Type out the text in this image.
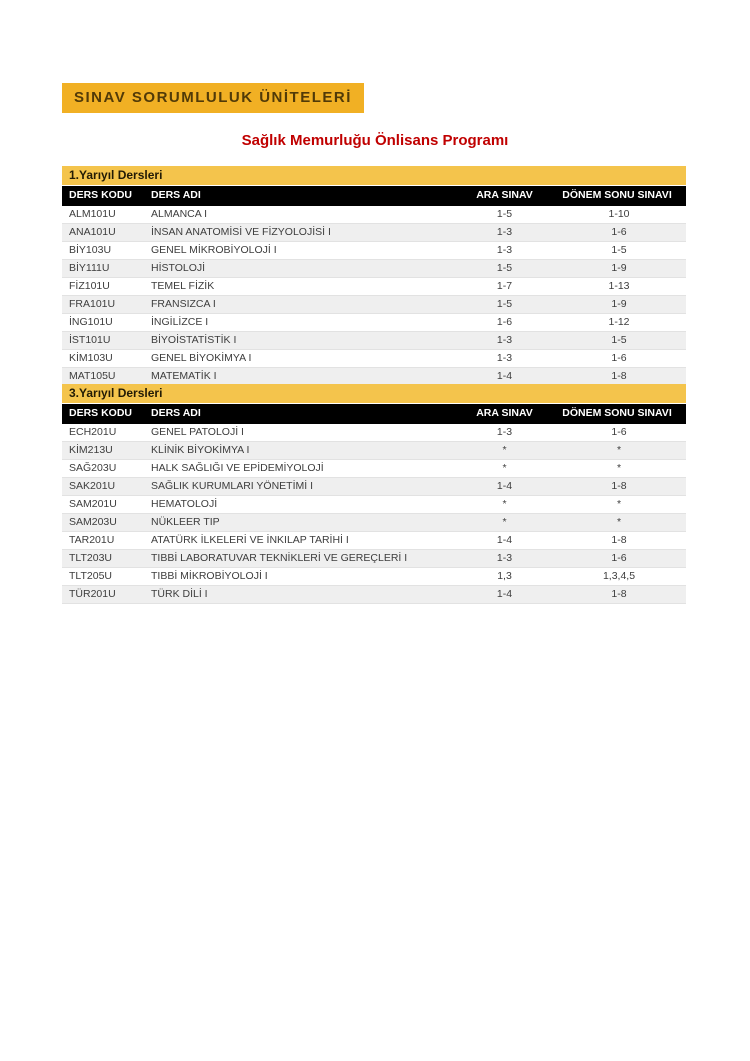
SINAV SORUMLULUK ÜNİTELERİ
Sağlık Memurluğu Önlisans Programı
1.Yarıyıl Dersleri
DERS KODU	DERS ADI	ARA SINAV	DÖNEM SONU SINAVI
ALM101U	ALMANCA I	1-5	1-10
ANA101U	İNSAN ANATOMİSİ VE FİZYOLOJİSİ I	1-3	1-6
BİY103U	GENEL MİKROBİYOLOJİ I	1-3	1-5
BİY111U	HİSTOLOJİ	1-5	1-9
FİZ101U	TEMEL FİZİK	1-7	1-13
FRA101U	FRANSIZCA I	1-5	1-9
İNG101U	İNGİLİZCE I	1-6	1-12
İST101U	BİYOİSTATİSTİK I	1-3	1-5
KİM103U	GENEL BİYOKİMYA I	1-3	1-6
MAT105U	MATEMATİK I	1-4	1-8
3.Yarıyıl Dersleri
DERS KODU	DERS ADI	ARA SINAV	DÖNEM SONU SINAVI
ECH201U	GENEL PATOLOJİ I	1-3	1-6
KİM213U	KLİNİK BİYOKİMYA I	*	*
SAĞ203U	HALK SAĞLIĞI VE EPİDEMİYOLOJİ	*	*
SAK201U	SAĞLIK KURUMLARI YÖNETİMİ I	1-4	1-8
SAM201U	HEMATOLOJİ	*	*
SAM203U	NÜKLEER TIP	*	*
TAR201U	ATATÜRK İLKELERİ VE İNKILAP TARİHİ I	1-4	1-8
TLT203U	TIBBİ LABORATUVAR TEKNİKLERİ VE GEREÇLERİ I	1-3	1-6
TLT205U	TIBBİ MİKROBİYOLOJİ I	1,3	1,3,4,5
TÜR201U	TÜRK DİLİ I	1-4	1-8
